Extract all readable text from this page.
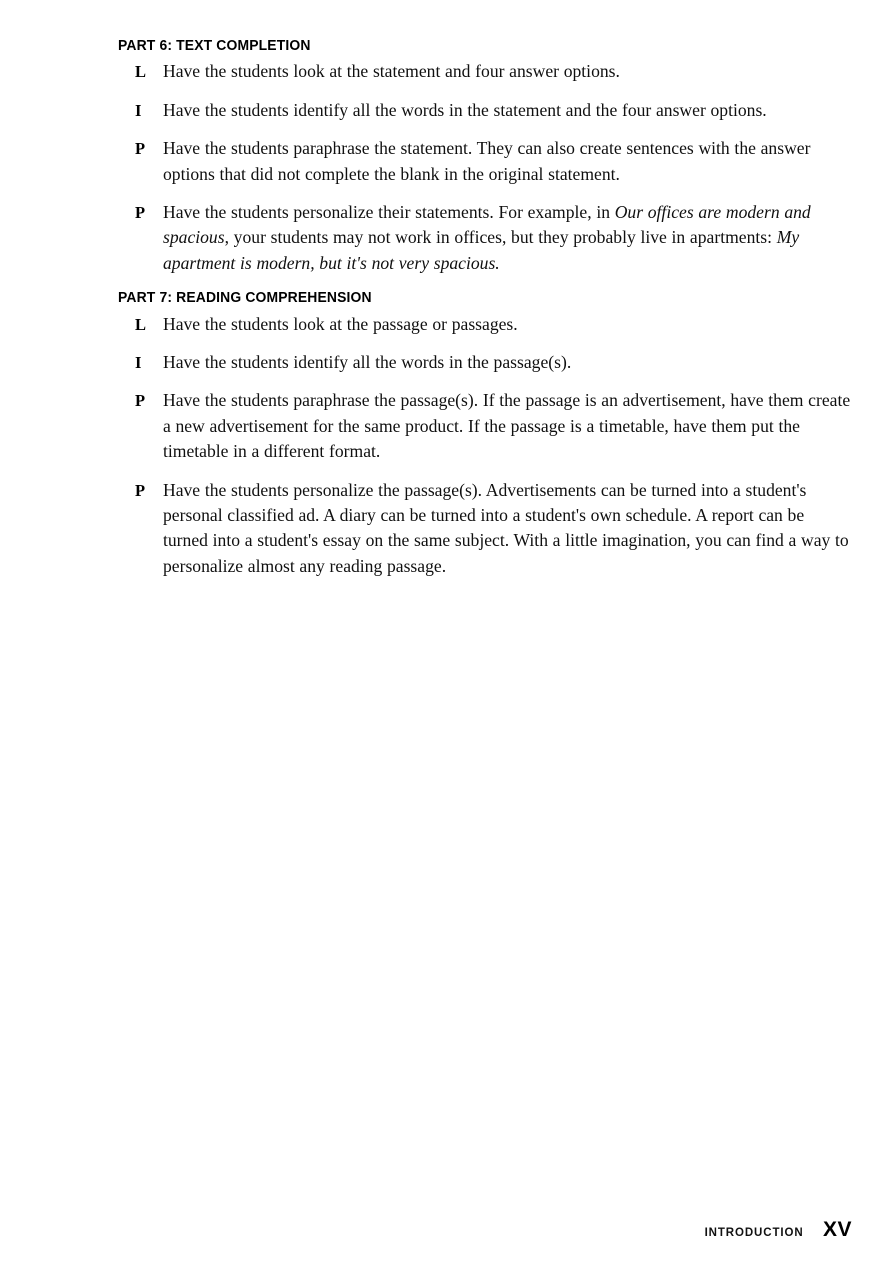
PART 6: TEXT COMPLETION
L Have the students look at the statement and four answer options.
I	Have the students identify all the words in the statement and the four answer options.
P	Have the students paraphrase the statement. They can also create sentences with the answer options that did not complete the blank in the original statement.
P	Have the students personalize their statements. For example, in Our offices are modern and spacious, your students may not work in offices, but they probably live in apartments: My apartment is modern, but it's not very spacious.
PART 7: READING COMPREHENSION
L Have the students look at the passage or passages.
I	Have the students identify all the words in the passage(s).
P	Have the students paraphrase the passage(s). If the passage is an advertisement, have them create a new advertisement for the same product. If the passage is a timetable, have them put the timetable in a different format.
P	Have the students personalize the passage(s). Advertisements can be turned into a student's personal classified ad. A diary can be turned into a student's own schedule. A report can be turned into a student's essay on the same subject. With a little imagination, you can find a way to personalize almost any reading passage.
INTRODUCTION XV
